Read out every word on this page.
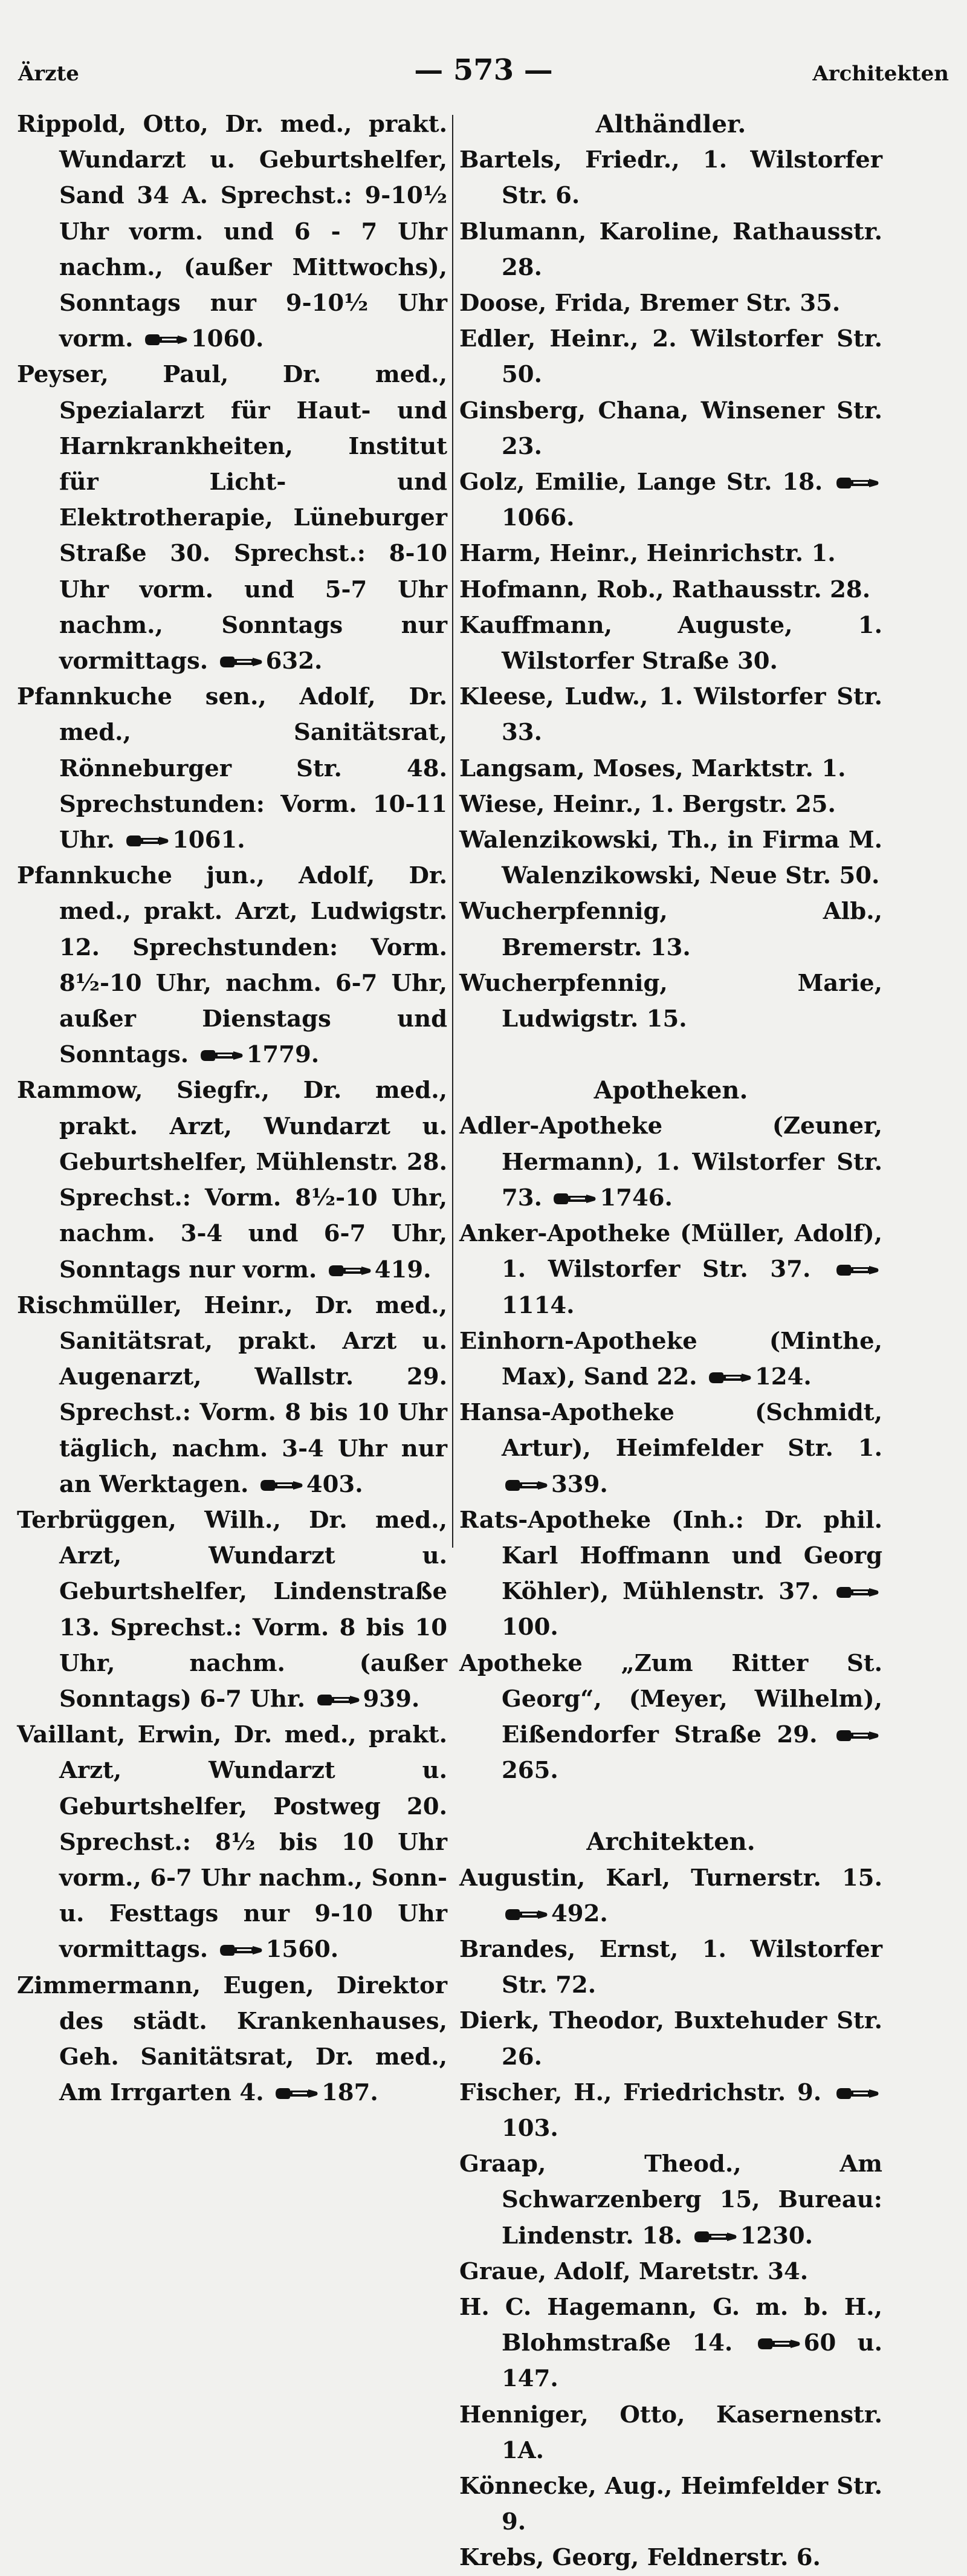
Ärzte	— 573 —	Architekten

Rippold, Otto, Dr. med., prakt. Wundarzt u. Geburtshelfer, Sand 34 A. Sprechst.: 9-10½ Uhr vorm. und 6 - 7 Uhr nachm., (außer Mittwochs), Sonntags nur 9-10½ Uhr vorm. 1060.

Peyser, Paul, Dr. med., Spezialarzt für Haut- und Harnkrankheiten, Institut für Licht- und Elektrotherapie, Lüneburger Straße 30. Sprechst.: 8-10 Uhr vorm. und 5-7 Uhr nachm., Sonntags nur vormittags. 632.

Pfannkuche sen., Adolf, Dr. med., Sanitätsrat, Rönneburger Str. 48. Sprechstunden: Vorm. 10-11 Uhr. 1061.

Pfannkuche jun., Adolf, Dr. med., prakt. Arzt, Ludwigstr. 12. Sprechstunden: Vorm. 8½-10 Uhr, nachm. 6-7 Uhr, außer Dienstags und Sonntags. 1779.

Rammow, Siegfr., Dr. med., prakt. Arzt, Wundarzt u. Geburtshelfer, Mühlenstr. 28. Sprechst.: Vorm. 8½-10 Uhr, nachm. 3-4 und 6-7 Uhr, Sonntags nur vorm. 419.

Rischmüller, Heinr., Dr. med., Sanitätsrat, prakt. Arzt u. Augenarzt, Wallstr. 29. Sprechst.: Vorm. 8 bis 10 Uhr täglich, nachm. 3-4 Uhr nur an Werktagen. 403.

Terbrüggen, Wilh., Dr. med., Arzt, Wundarzt u. Geburtshelfer, Lindenstraße 13. Sprechst.: Vorm. 8 bis 10 Uhr, nachm. (außer Sonntags) 6-7 Uhr. 939.

Vaillant, Erwin, Dr. med., prakt. Arzt, Wundarzt u. Geburtshelfer, Postweg 20. Sprechst.: 8½ bis 10 Uhr vorm., 6-7 Uhr nachm., Sonn- u. Festtags nur 9-10 Uhr vormittags. 1560.

Zimmermann, Eugen, Direktor des städt. Krankenhauses, Geh. Sanitätsrat, Dr. med., Am Irrgarten 4. 187.

Althändler.

Bartels, Friedr., 1. Wilstorfer Str. 6.

Blumann, Karoline, Rathausstr. 28.

Doose, Frida, Bremer Str. 35.

Edler, Heinr., 2. Wilstorfer Str. 50.

Ginsberg, Chana, Winsener Str. 23.

Golz, Emilie, Lange Str. 18. 1066.

Harm, Heinr., Heinrichstr. 1.

Hofmann, Rob., Rathausstr. 28.

Kauffmann, Auguste, 1. Wilstorfer Straße 30.

Kleese, Ludw., 1. Wilstorfer Str. 33.

Langsam, Moses, Marktstr. 1.

Wiese, Heinr., 1. Bergstr. 25.

Walenzikowski, Th., in Firma M. Walenzikowski, Neue Str. 50.

Wucherpfennig, Alb., Bremerstr. 13.

Wucherpfennig, Marie, Ludwigstr. 15.

Apotheken.

Adler-Apotheke (Zeuner, Hermann), 1. Wilstorfer Str. 73. 1746.

Anker-Apotheke (Müller, Adolf), 1. Wilstorfer Str. 37. 1114.

Einhorn-Apotheke (Minthe, Max), Sand 22. 124.

Hansa-Apotheke (Schmidt, Artur), Heimfelder Str. 1. 339.

Rats-Apotheke (Inh.: Dr. phil. Karl Hoffmann und Georg Köhler), Mühlenstr. 37. 100.

Apotheke „Zum Ritter St. Georg“, (Meyer, Wilhelm), Eißendorfer Straße 29. 265.

Architekten.

Augustin, Karl, Turnerstr. 15. 492.

Brandes, Ernst, 1. Wilstorfer Str. 72.

Dierk, Theodor, Buxtehuder Str. 26.

Fischer, H., Friedrichstr. 9. 103.

Graap, Theod., Am Schwarzenberg 15, Bureau: Lindenstr. 18. 1230.

Graue, Adolf, Maretstr. 34.

H. C. Hagemann, G. m. b. H., Blohmstraße 14.	60 u. 147.

Henniger, Otto, Kasernenstr. 1A.

Könnecke, Aug., Heimfelder Str. 9.

Krebs, Georg, Feldnerstr. 6.
